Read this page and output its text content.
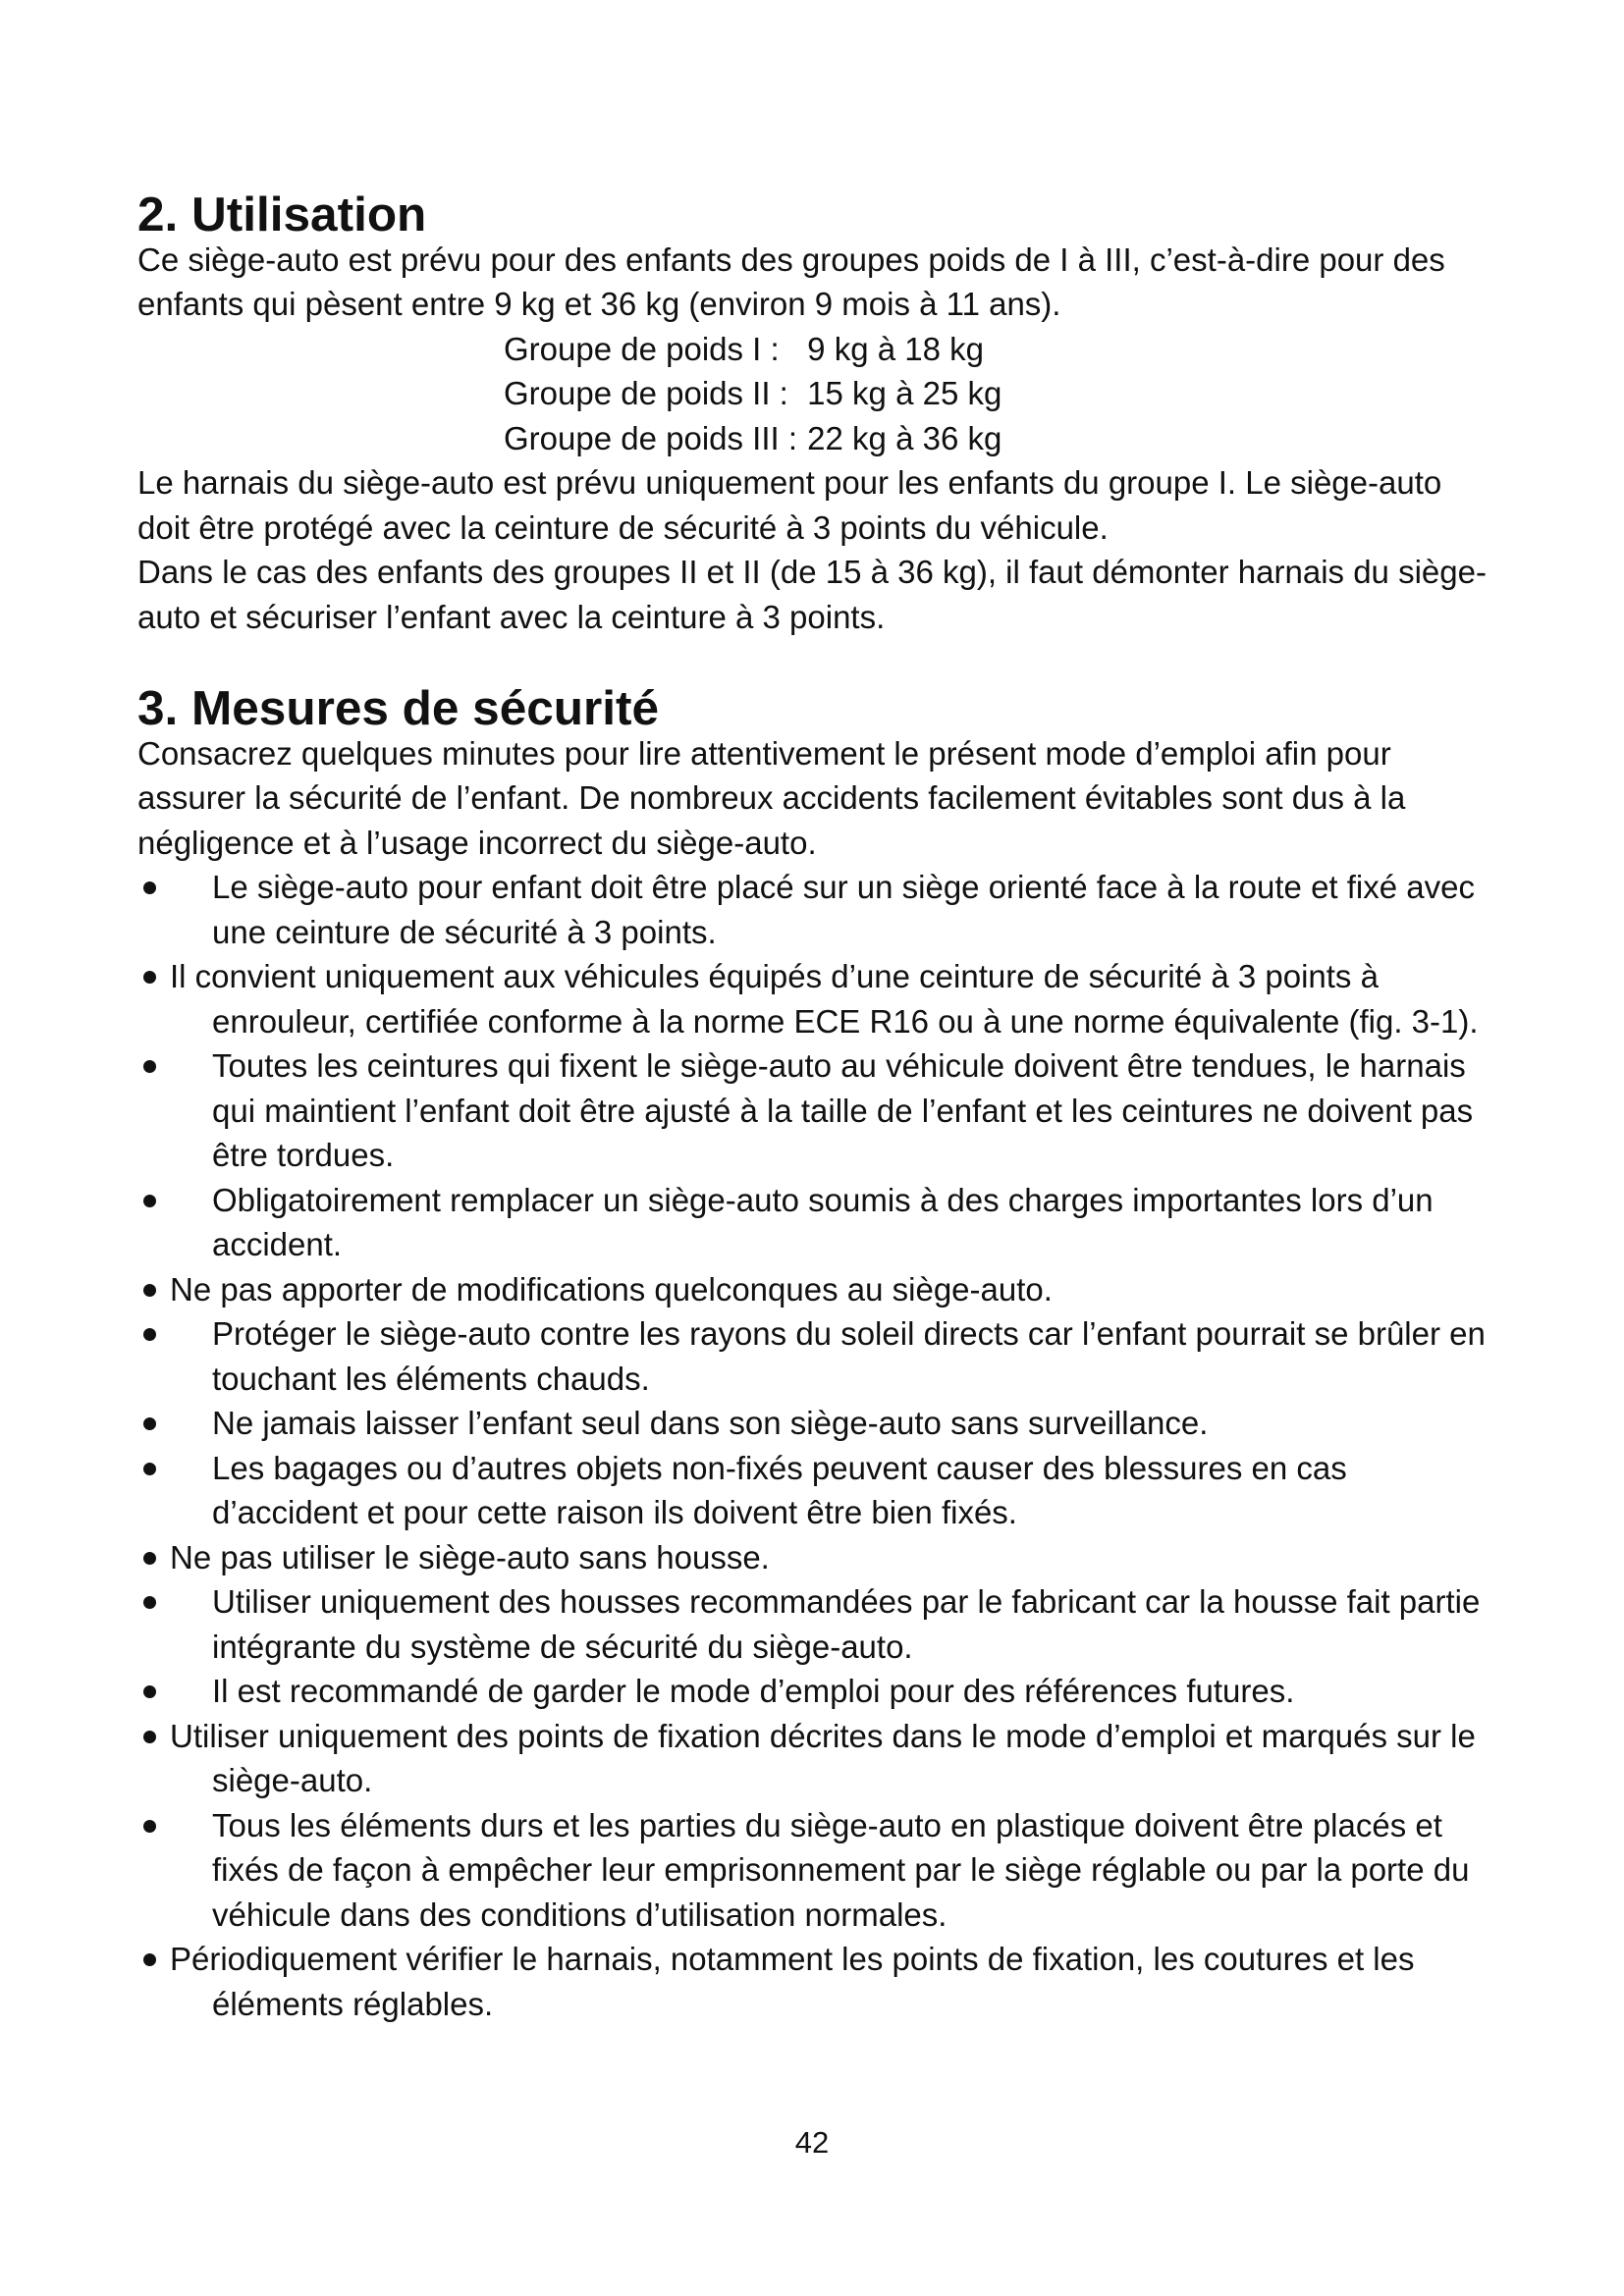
2. Utilisation

Ce siège-auto est prévu pour des enfants des groupes poids de I à III, c’est-à-dire pour des enfants qui pèsent entre 9 kg et 36 kg (environ 9 mois à 11 ans).

Groupe de poids I : 9 kg à 18 kg
Groupe de poids II : 15 kg à 25 kg
Groupe de poids III : 22 kg à 36 kg

Le harnais du siège-auto est prévu uniquement pour les enfants du groupe I. Le siège-auto doit être protégé avec la ceinture de sécurité à 3 points du véhicule.

Dans le cas des enfants des groupes II et II (de 15 à 36 kg), il faut démonter harnais du siège-auto et sécuriser l’enfant avec la ceinture à 3 points.

3. Mesures de sécurité

Consacrez quelques minutes pour lire attentivement le présent mode d’emploi afin pour assurer la sécurité de l’enfant. De nombreux accidents facilement évitables sont dus à la négligence et à l’usage incorrect du siège-auto.

Le siège-auto pour enfant doit être placé sur un siège orienté face à la route et fixé avec une ceinture de sécurité à 3 points.
Il convient uniquement aux véhicules équipés d’une ceinture de sécurité à 3 points à enrouleur, certifiée conforme à la norme ECE R16 ou à une norme équivalente (fig. 3-1).
Toutes les ceintures qui fixent le siège-auto au véhicule doivent être tendues, le harnais qui maintient l’enfant doit être ajusté à la taille de l’enfant et les ceintures ne doivent pas être tordues.
Obligatoirement remplacer un siège-auto soumis à des charges importantes lors d’un accident.
Ne pas apporter de modifications quelconques au siège-auto.
Protéger le siège-auto contre les rayons du soleil directs car l’enfant pourrait se brûler en touchant les éléments chauds.
Ne jamais laisser l’enfant seul dans son siège-auto sans surveillance.
Les bagages ou d’autres objets non-fixés peuvent causer des blessures en cas d’accident et pour cette raison ils doivent être bien fixés.
Ne pas utiliser le siège-auto sans housse.
Utiliser uniquement des housses recommandées par le fabricant car la housse fait partie intégrante du système de sécurité du siège-auto.
Il est recommandé de garder le mode d’emploi pour des références futures.
Utiliser uniquement des points de fixation décrites dans le mode d’emploi et marqués sur le siège-auto.
Tous les éléments durs et les parties du siège-auto en plastique doivent être placés et fixés de façon à empêcher leur emprisonnement par le siège réglable ou par la porte du véhicule dans des conditions d’utilisation normales.
Périodiquement vérifier le harnais, notamment les points de fixation, les coutures et les éléments réglables.
42
